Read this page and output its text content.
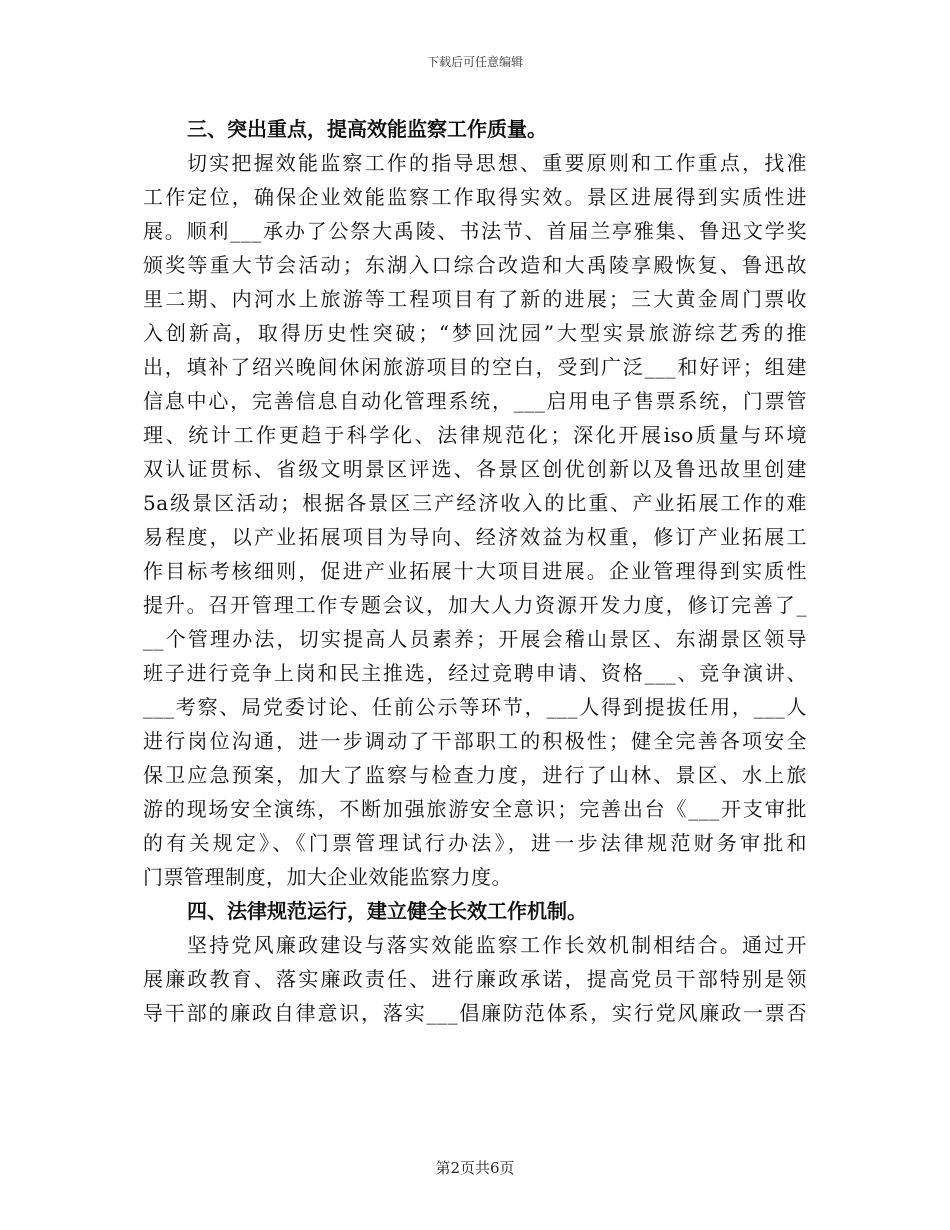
下载后可任意编辑
三、突出重点，提高效能监察工作质量。
切实把握效能监察工作的指导思想、重要原则和工作重点，找准
工作定位，确保企业效能监察工作取得实效。景区进展得到实质性进
展。顺利___承办了公祭大禹陵、书法节、首届兰亭雅集、鲁迅文学奖
颁奖等重大节会活动；东湖入口综合改造和大禹陵享殿恢复、鲁迅故
里二期、内河水上旅游等工程项目有了新的进展；三大黄金周门票收
入创新高，取得历史性突破；“梦回沈园”大型实景旅游综艺秀的推
出，填补了绍兴晚间休闲旅游项目的空白，受到广泛___和好评；组建
信息中心，完善信息自动化管理系统，___启用电子售票系统，门票管
理、统计工作更趋于科学化、法律规范化；深化开展iso质量与环境
双认证贯标、省级文明景区评选、各景区创优创新以及鲁迅故里创建
5a级景区活动；根据各景区三产经济收入的比重、产业拓展工作的难
易程度，以产业拓展项目为导向、经济效益为权重，修订产业拓展工
作目标考核细则，促进产业拓展十大项目进展。企业管理得到实质性
提升。召开管理工作专题会议，加大人力资源开发力度，修订完善了_
__个管理办法，切实提高人员素养；开展会稽山景区、东湖景区领导
班子进行竞争上岗和民主推选，经过竞聘申请、资格___、竞争演讲、
___考察、局党委讨论、任前公示等环节，___人得到提拔任用，___人
进行岗位沟通，进一步调动了干部职工的积极性；健全完善各项安全
保卫应急预案，加大了监察与检查力度，进行了山林、景区、水上旅
游的现场安全演练，不断加强旅游安全意识；完善出台《___开支审批
的有关规定》、《门票管理试行办法》，进一步法律规范财务审批和
门票管理制度，加大企业效能监察力度。
四、法律规范运行，建立健全长效工作机制。
坚持党风廉政建设与落实效能监察工作长效机制相结合。通过开
展廉政教育、落实廉政责任、进行廉政承诺，提高党员干部特别是领
导干部的廉政自律意识，落实___倡廉防范体系，实行党风廉政一票否
第2页共6页
